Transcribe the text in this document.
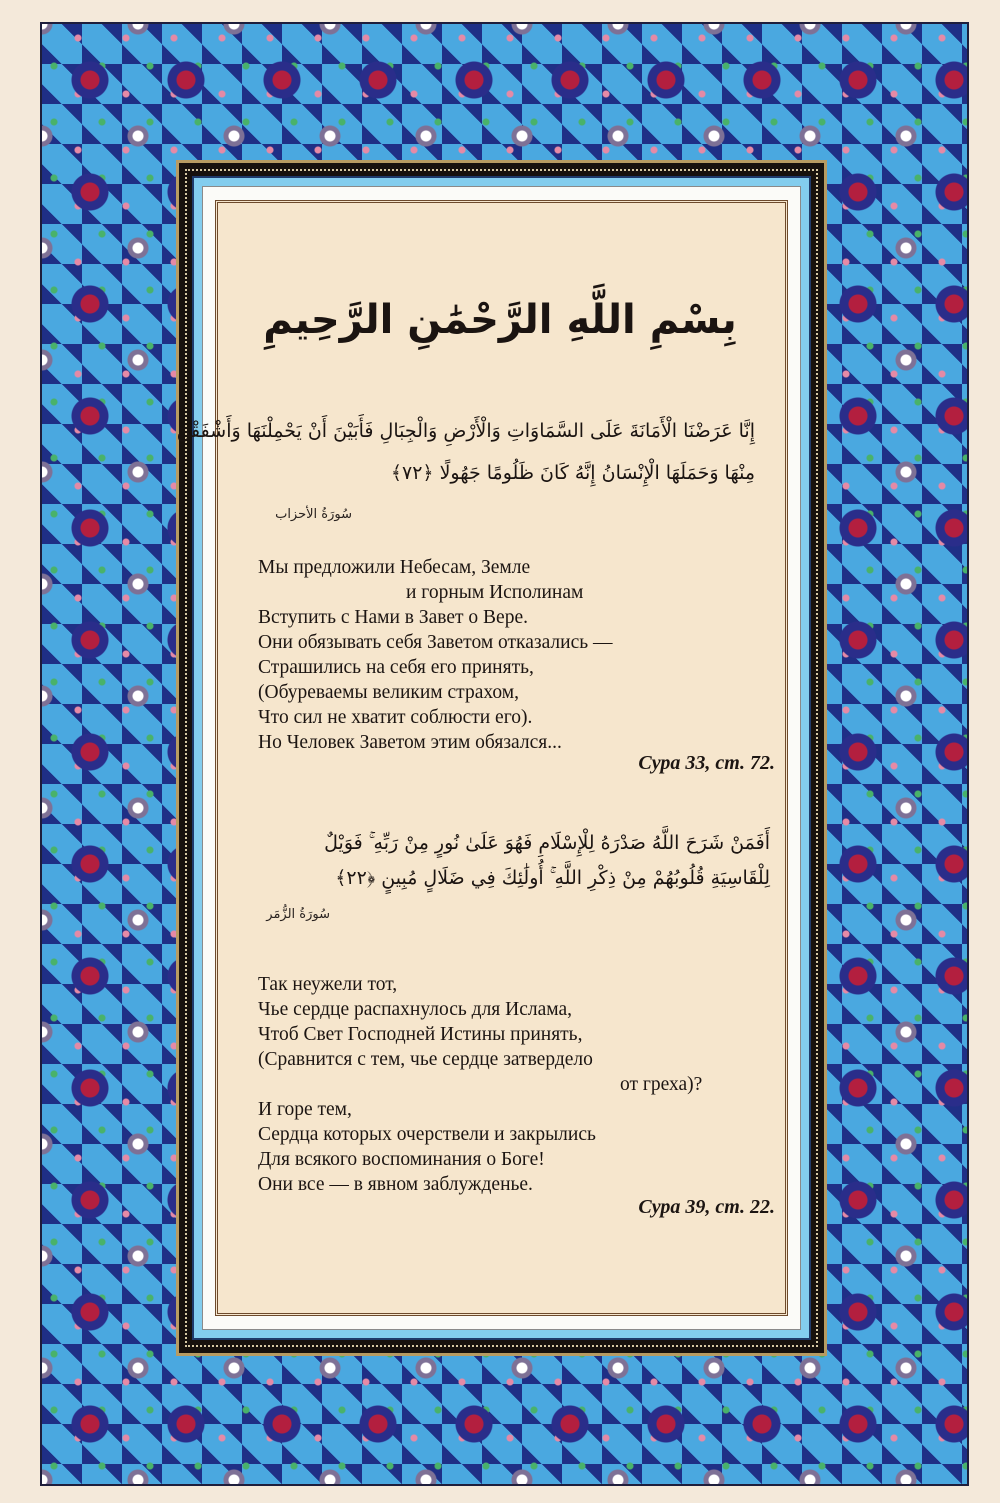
بِسْمِ اللَّهِ الرَّحْمَٰنِ الرَّحِيمِ
إِنَّا عَرَضْنَا الْأَمَانَةَ عَلَى السَّمَاوَاتِ وَالْأَرْضِ وَالْجِبَالِ فَأَبَيْنَ أَنْ يَحْمِلْنَهَا وَأَشْفَقْنَ
مِنْهَا وَحَمَلَهَا الْإِنْسَانُ إِنَّهُ كَانَ ظَلُومًا جَهُولًا ﴿٧٢﴾
سُورَةُ الأحزاب
Мы предложили Небесам, Земле
и горным Исполинам
Вступить с Нами в Завет о Вере.
Они обязывать себя Заветом отказались —
Страшились на себя его принять,
(Обуреваемы великим страхом,
Что сил не хватит соблюсти его).
Но Человек Заветом этим обязался...
Сура 33, ст. 72.
أَفَمَنْ شَرَحَ اللَّهُ صَدْرَهُ لِلْإِسْلَامِ فَهُوَ عَلَىٰ نُورٍ مِنْ رَبِّهِ ۚ فَوَيْلٌ
لِلْقَاسِيَةِ قُلُوبُهُمْ مِنْ ذِكْرِ اللَّهِ ۚ أُولَٰئِكَ فِي ضَلَالٍ مُبِينٍ ﴿٢٢﴾
سُورَةُ الزُّمَر
Так неужели тот,
Чье сердце распахнулось для Ислама,
Чтоб Свет Господней Истины принять,
(Сравнится с тем, чье сердце затвердело
от греха)?
И горе тем,
Сердца которых очерствели и закрылись
Для всякого воспоминания о Боге!
Они все — в явном заблужденье.
Сура 39, ст. 22.
